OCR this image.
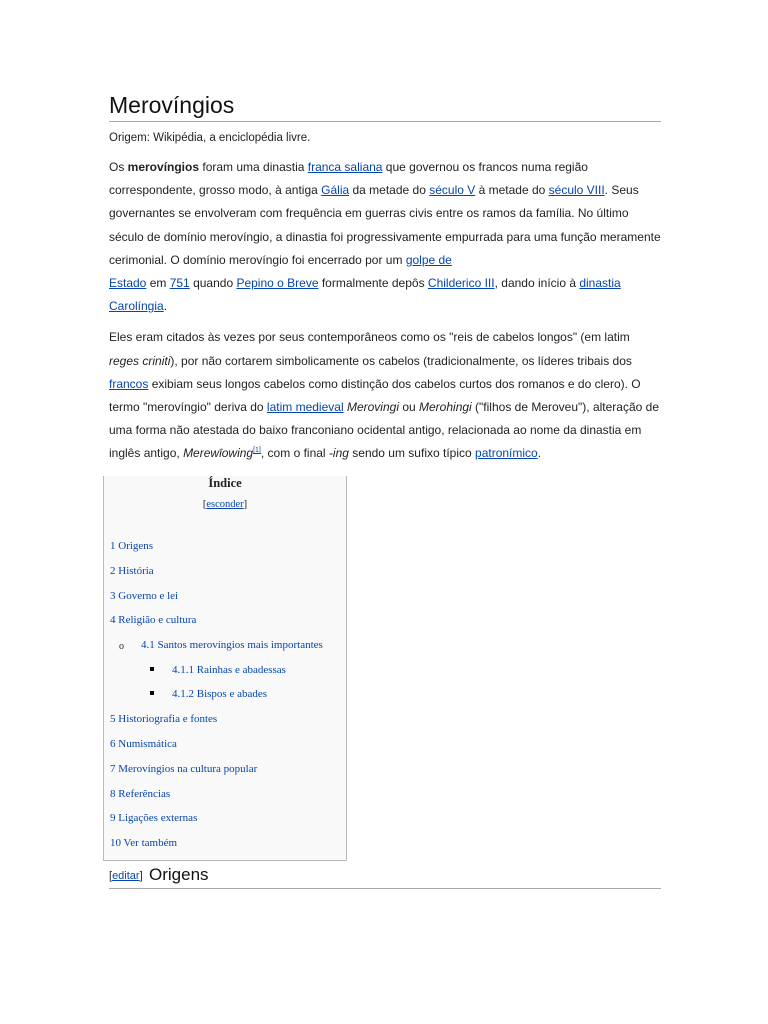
Merovíngios
Origem: Wikipédia, a enciclopédia livre.

Os merovíngios foram uma dinastia franca saliana que governou os francos numa região correspondente, grosso modo, à antiga Gália da metade do século V à metade do século VIII. Seus governantes se envolveram com frequência em guerras civis entre os ramos da família. No último século de domínio merovíngio, a dinastia foi progressivamente empurrada para uma função meramente cerimonial. O domínio merovíngio foi encerrado por um golpe de
Estado em 751 quando Pepino o Breve formalmente depôs Childerico III, dando início à dinastia Carolíngia.

Eles eram citados às vezes por seus contemporâneos como os "reis de cabelos longos" (em latim reges criniti), por não cortarem simbolicamente os cabelos (tradicionalmente, os líderes tribais dos francos exibiam seus longos cabelos como distinção dos cabelos curtos dos romanos e do clero). O termo "merovíngio" deriva do latim medieval Merovingi ou Merohingi ("filhos de Meroveu"), alteração de uma forma não atestada do baixo franconiano ocidental antigo, relacionada ao nome da dinastia em inglês antigo, Merewīowing[1], com o final -ing sendo um sufixo típico patronímico.

Índice
[esconder]
1 Origens
2 História
3 Governo e lei
4 Religião e cultura
o 4.1 Santos merovíngios mais importantes
4.1.1 Rainhas e abadessas
4.1.2 Bispos e abades
5 Historiografia e fontes
6 Numismática
7 Merovíngios na cultura popular
8 Referências
9 Ligações externas
10 Ver também
[editar] Origens
